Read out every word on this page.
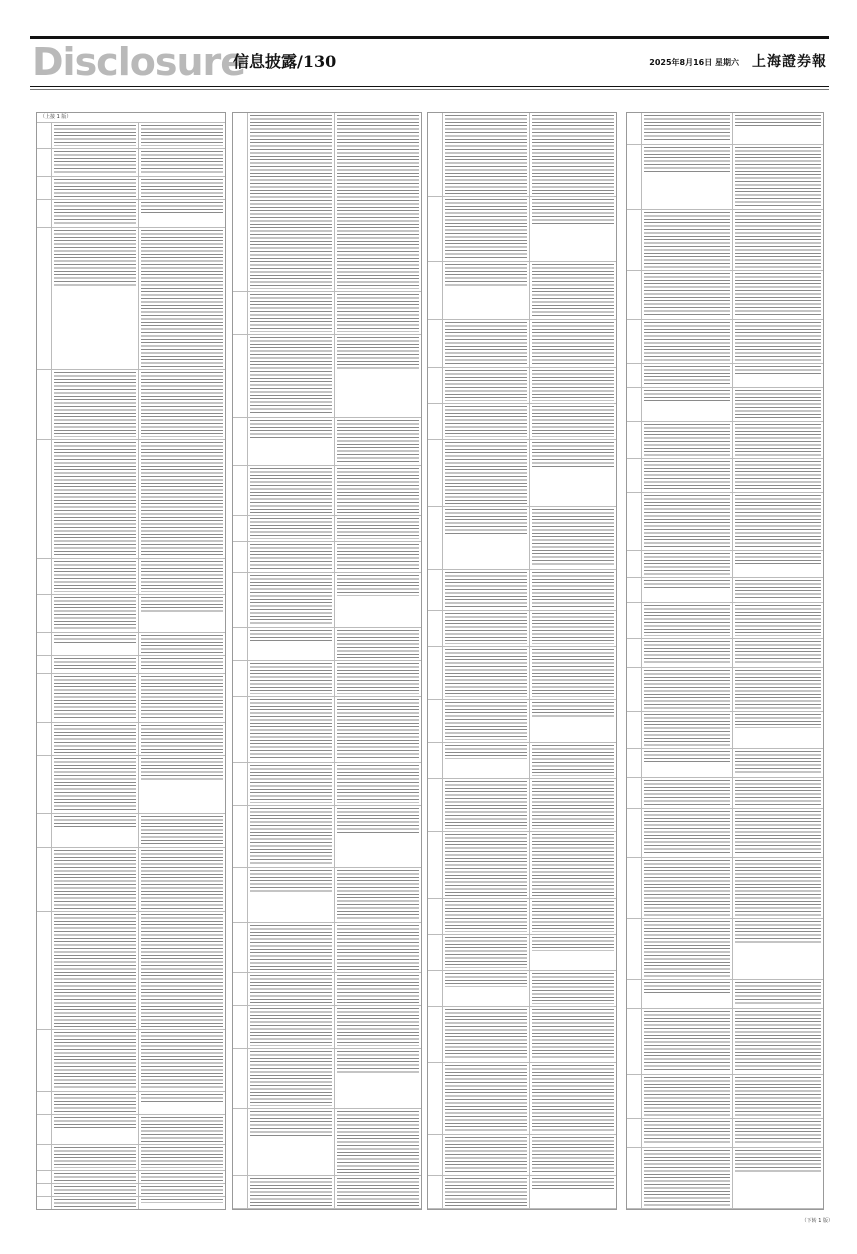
Disclosure
信息披露/130	2025年8月16日 星期六 上海證券報
（上接 1 版）
（下转 1 版）
